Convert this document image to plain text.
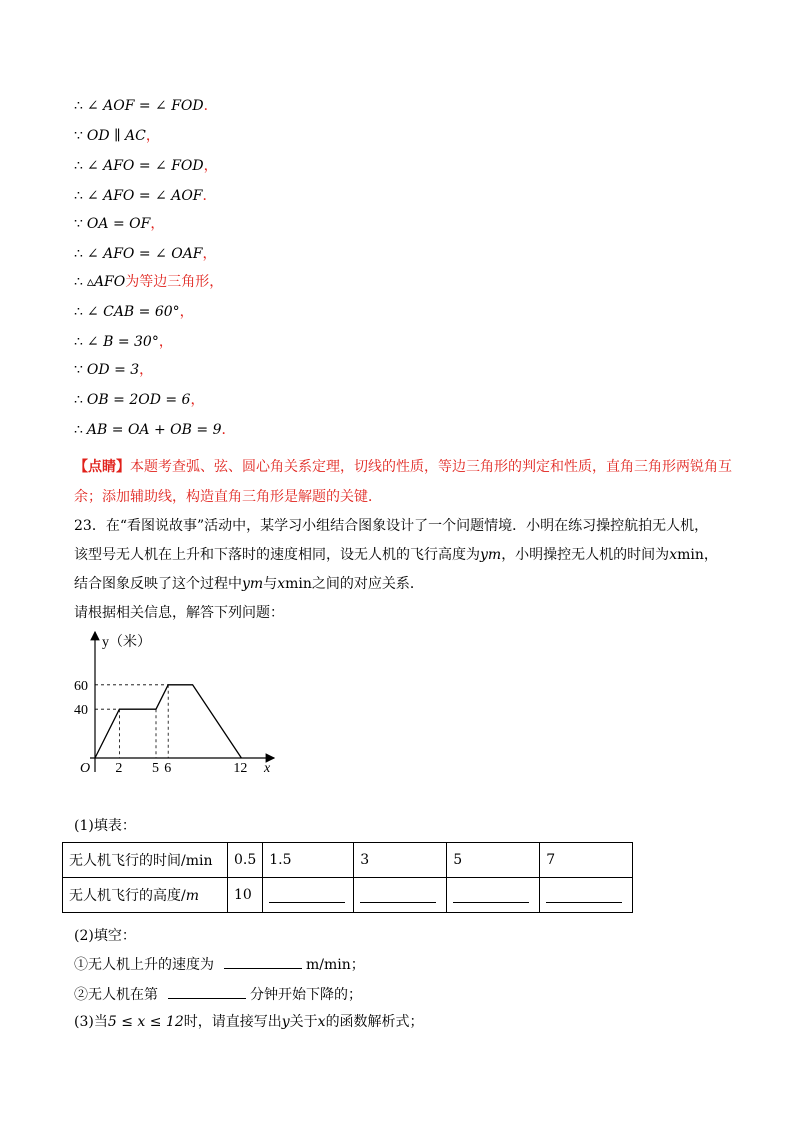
∴ ∠ AOF = ∠ FOD．
∵ OD ∥ AC，
∴ ∠ AFO = ∠ FOD，
∴ ∠ AFO = ∠ AOF．
∵ OA = OF，
∴ ∠ AFO = ∠ OAF，
∴ ▵AFO为等边三角形，
∴ ∠ CAB = 60°，
∴ ∠ B = 30°，
∵ OD = 3，
∴ OB = 2OD = 6，
∴ AB = OA + OB = 9．
【点睛】本题考查弧、弦、圆心角关系定理，切线的性质，等边三角形的判定和性质，直角三角形两锐角互余；添加辅助线，构造直角三角形是解题的关键．
23．在“看图说故事”活动中，某学习小组结合图象设计了一个问题情境．小明在练习操控航拍无人机，
该型号无人机在上升和下落时的速度相同，设无人机的飞行高度为ym，小明操控无人机的时间为xmin，
结合图象反映了这个过程中ym与xmin之间的对应关系．
请根据相关信息，解答下列问题：
y（米）
x
O 2 5 6	12
40
60
(1)填表：
无人机飞行的时间/min	0.5	1.5	3	5	7
无人机飞行的高度/m	10				
(2)填空：
①无人机上升的速度为	m/min；
②无人机在第	分钟开始下降的；
(3)当5 ≤ x ≤ 12时，请直接写出y关于x的函数解析式；
